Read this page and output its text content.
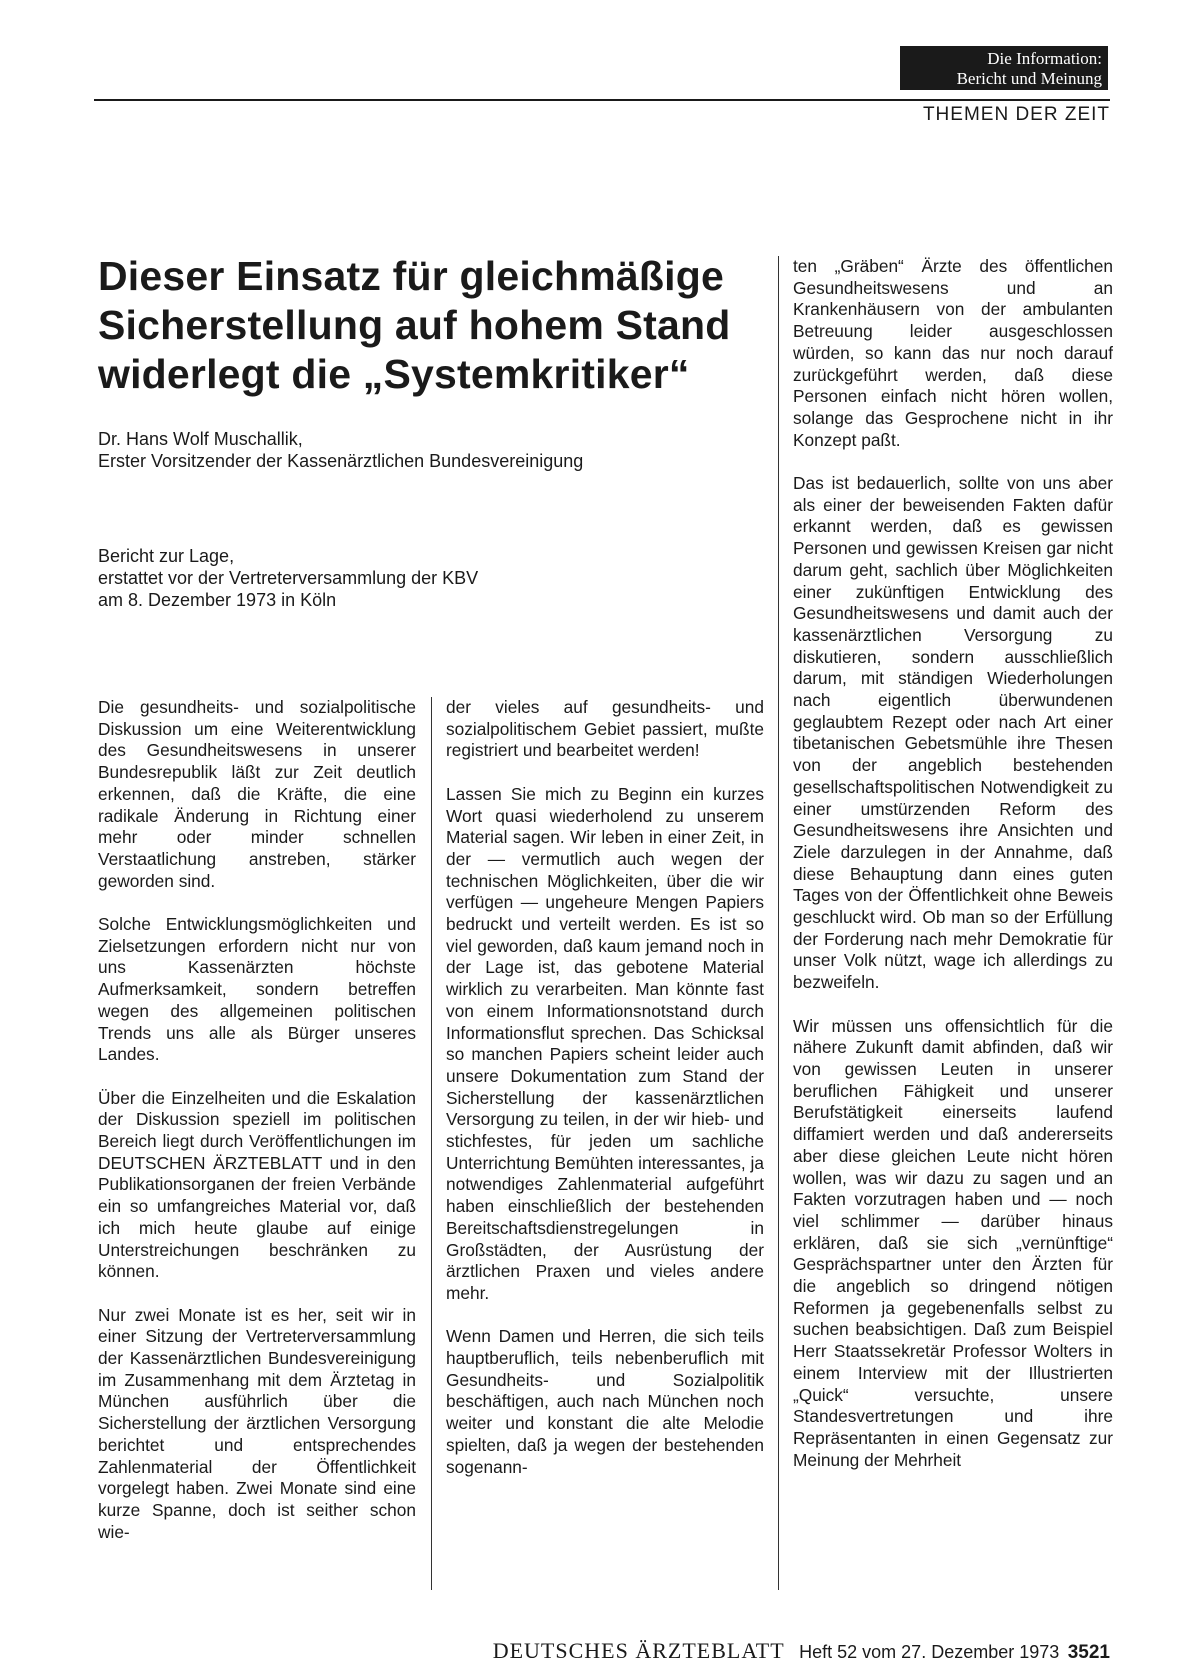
Die Information:
Bericht und Meinung
THEMEN DER ZEIT
Dieser Einsatz für gleichmäßige
Sicherstellung auf hohem Stand
widerlegt die „Systemkritiker“
Dr. Hans Wolf Muschallik,
Erster Vorsitzender der Kassenärztlichen Bundesvereinigung
Bericht zur Lage,
erstattet vor der Vertreterversammlung der KBV
am 8. Dezember 1973 in Köln

Die gesundheits- und sozialpolitische Diskussion um eine Weiterentwicklung des Gesundheitswesens in unserer Bundesrepublik läßt zur Zeit deutlich erkennen, daß die Kräfte, die eine radikale Änderung in Richtung einer mehr oder minder schnellen Verstaatlichung anstreben, stärker geworden sind.

Solche Entwicklungsmöglichkeiten und Zielsetzungen erfordern nicht nur von uns Kassenärzten höchste Aufmerksamkeit, sondern betreffen wegen des allgemeinen politischen Trends uns alle als Bürger unseres Landes.

Über die Einzelheiten und die Eskalation der Diskussion speziell im politischen Bereich liegt durch Veröffentlichungen im DEUTSCHEN ÄRZTEBLATT und in den Publikationsorganen der freien Verbände ein so umfangreiches Material vor, daß ich mich heute glaube auf einige Unterstreichungen beschränken zu können.

Nur zwei Monate ist es her, seit wir in einer Sitzung der Vertreterversammlung der Kassenärztlichen Bundesvereinigung im Zusammenhang mit dem Ärztetag in München ausführlich über die Sicherstellung der ärztlichen Versorgung berichtet und entsprechendes Zahlenmaterial der Öffentlichkeit vorgelegt haben. Zwei Monate sind eine kurze Spanne, doch ist seither schon wie-

der vieles auf gesundheits- und sozialpolitischem Gebiet passiert, mußte registriert und bearbeitet werden!

Lassen Sie mich zu Beginn ein kurzes Wort quasi wiederholend zu unserem Material sagen. Wir leben in einer Zeit, in der — vermutlich auch wegen der technischen Möglichkeiten, über die wir verfügen — ungeheure Mengen Papiers bedruckt und verteilt werden. Es ist so viel geworden, daß kaum jemand noch in der Lage ist, das gebotene Material wirklich zu verarbeiten. Man könnte fast von einem Informationsnotstand durch Informationsflut sprechen. Das Schicksal so manchen Papiers scheint leider auch unsere Dokumentation zum Stand der Sicherstellung der kassenärztlichen Versorgung zu teilen, in der wir hieb- und stichfestes, für jeden um sachliche Unterrichtung Bemühten interessantes, ja notwendiges Zahlenmaterial aufgeführt haben einschließlich der bestehenden Bereitschaftsdienstregelungen in Großstädten, der Ausrüstung der ärztlichen Praxen und vieles andere mehr.

Wenn Damen und Herren, die sich teils hauptberuflich, teils nebenberuflich mit Gesundheits- und Sozialpolitik beschäftigen, auch nach München noch weiter und konstant die alte Melodie spielten, daß ja wegen der bestehenden sogenann-

ten „Gräben“ Ärzte des öffentlichen Gesundheitswesens und an Krankenhäusern von der ambulanten Betreuung leider ausgeschlossen würden, so kann das nur noch darauf zurückgeführt werden, daß diese Personen einfach nicht hören wollen, solange das Gesprochene nicht in ihr Konzept paßt.

Das ist bedauerlich, sollte von uns aber als einer der beweisenden Fakten dafür erkannt werden, daß es gewissen Personen und gewissen Kreisen gar nicht darum geht, sachlich über Möglichkeiten einer zukünftigen Entwicklung des Gesundheitswesens und damit auch der kassenärztlichen Versorgung zu diskutieren, sondern ausschließlich darum, mit ständigen Wiederholungen nach eigentlich überwundenen geglaubtem Rezept oder nach Art einer tibetanischen Gebetsmühle ihre Thesen von der angeblich bestehenden gesellschaftspolitischen Notwendigkeit zu einer umstürzenden Reform des Gesundheitswesens ihre Ansichten und Ziele darzulegen in der Annahme, daß diese Behauptung dann eines guten Tages von der Öffentlichkeit ohne Beweis geschluckt wird. Ob man so der Erfüllung der Forderung nach mehr Demokratie für unser Volk nützt, wage ich allerdings zu bezweifeln.

Wir müssen uns offensichtlich für die nähere Zukunft damit abfinden, daß wir von gewissen Leuten in unserer beruflichen Fähigkeit und unserer Berufstätigkeit einerseits laufend diffamiert werden und daß andererseits aber diese gleichen Leute nicht hören wollen, was wir dazu zu sagen und an Fakten vorzutragen haben und — noch viel schlimmer — darüber hinaus erklären, daß sie sich „vernünftige“ Gesprächspartner unter den Ärzten für die angeblich so dringend nötigen Reformen ja gegebenenfalls selbst zu suchen beabsichtigen. Daß zum Beispiel Herr Staatssekretär Professor Wolters in einem Interview mit der Illustrierten „Quick“ versuchte, unsere Standesvertretungen und ihre Repräsentanten in einen Gegensatz zur Meinung der Mehrheit

DEUTSCHES ÄRZTEBLATT Heft 52 vom 27. Dezember 1973 3521
